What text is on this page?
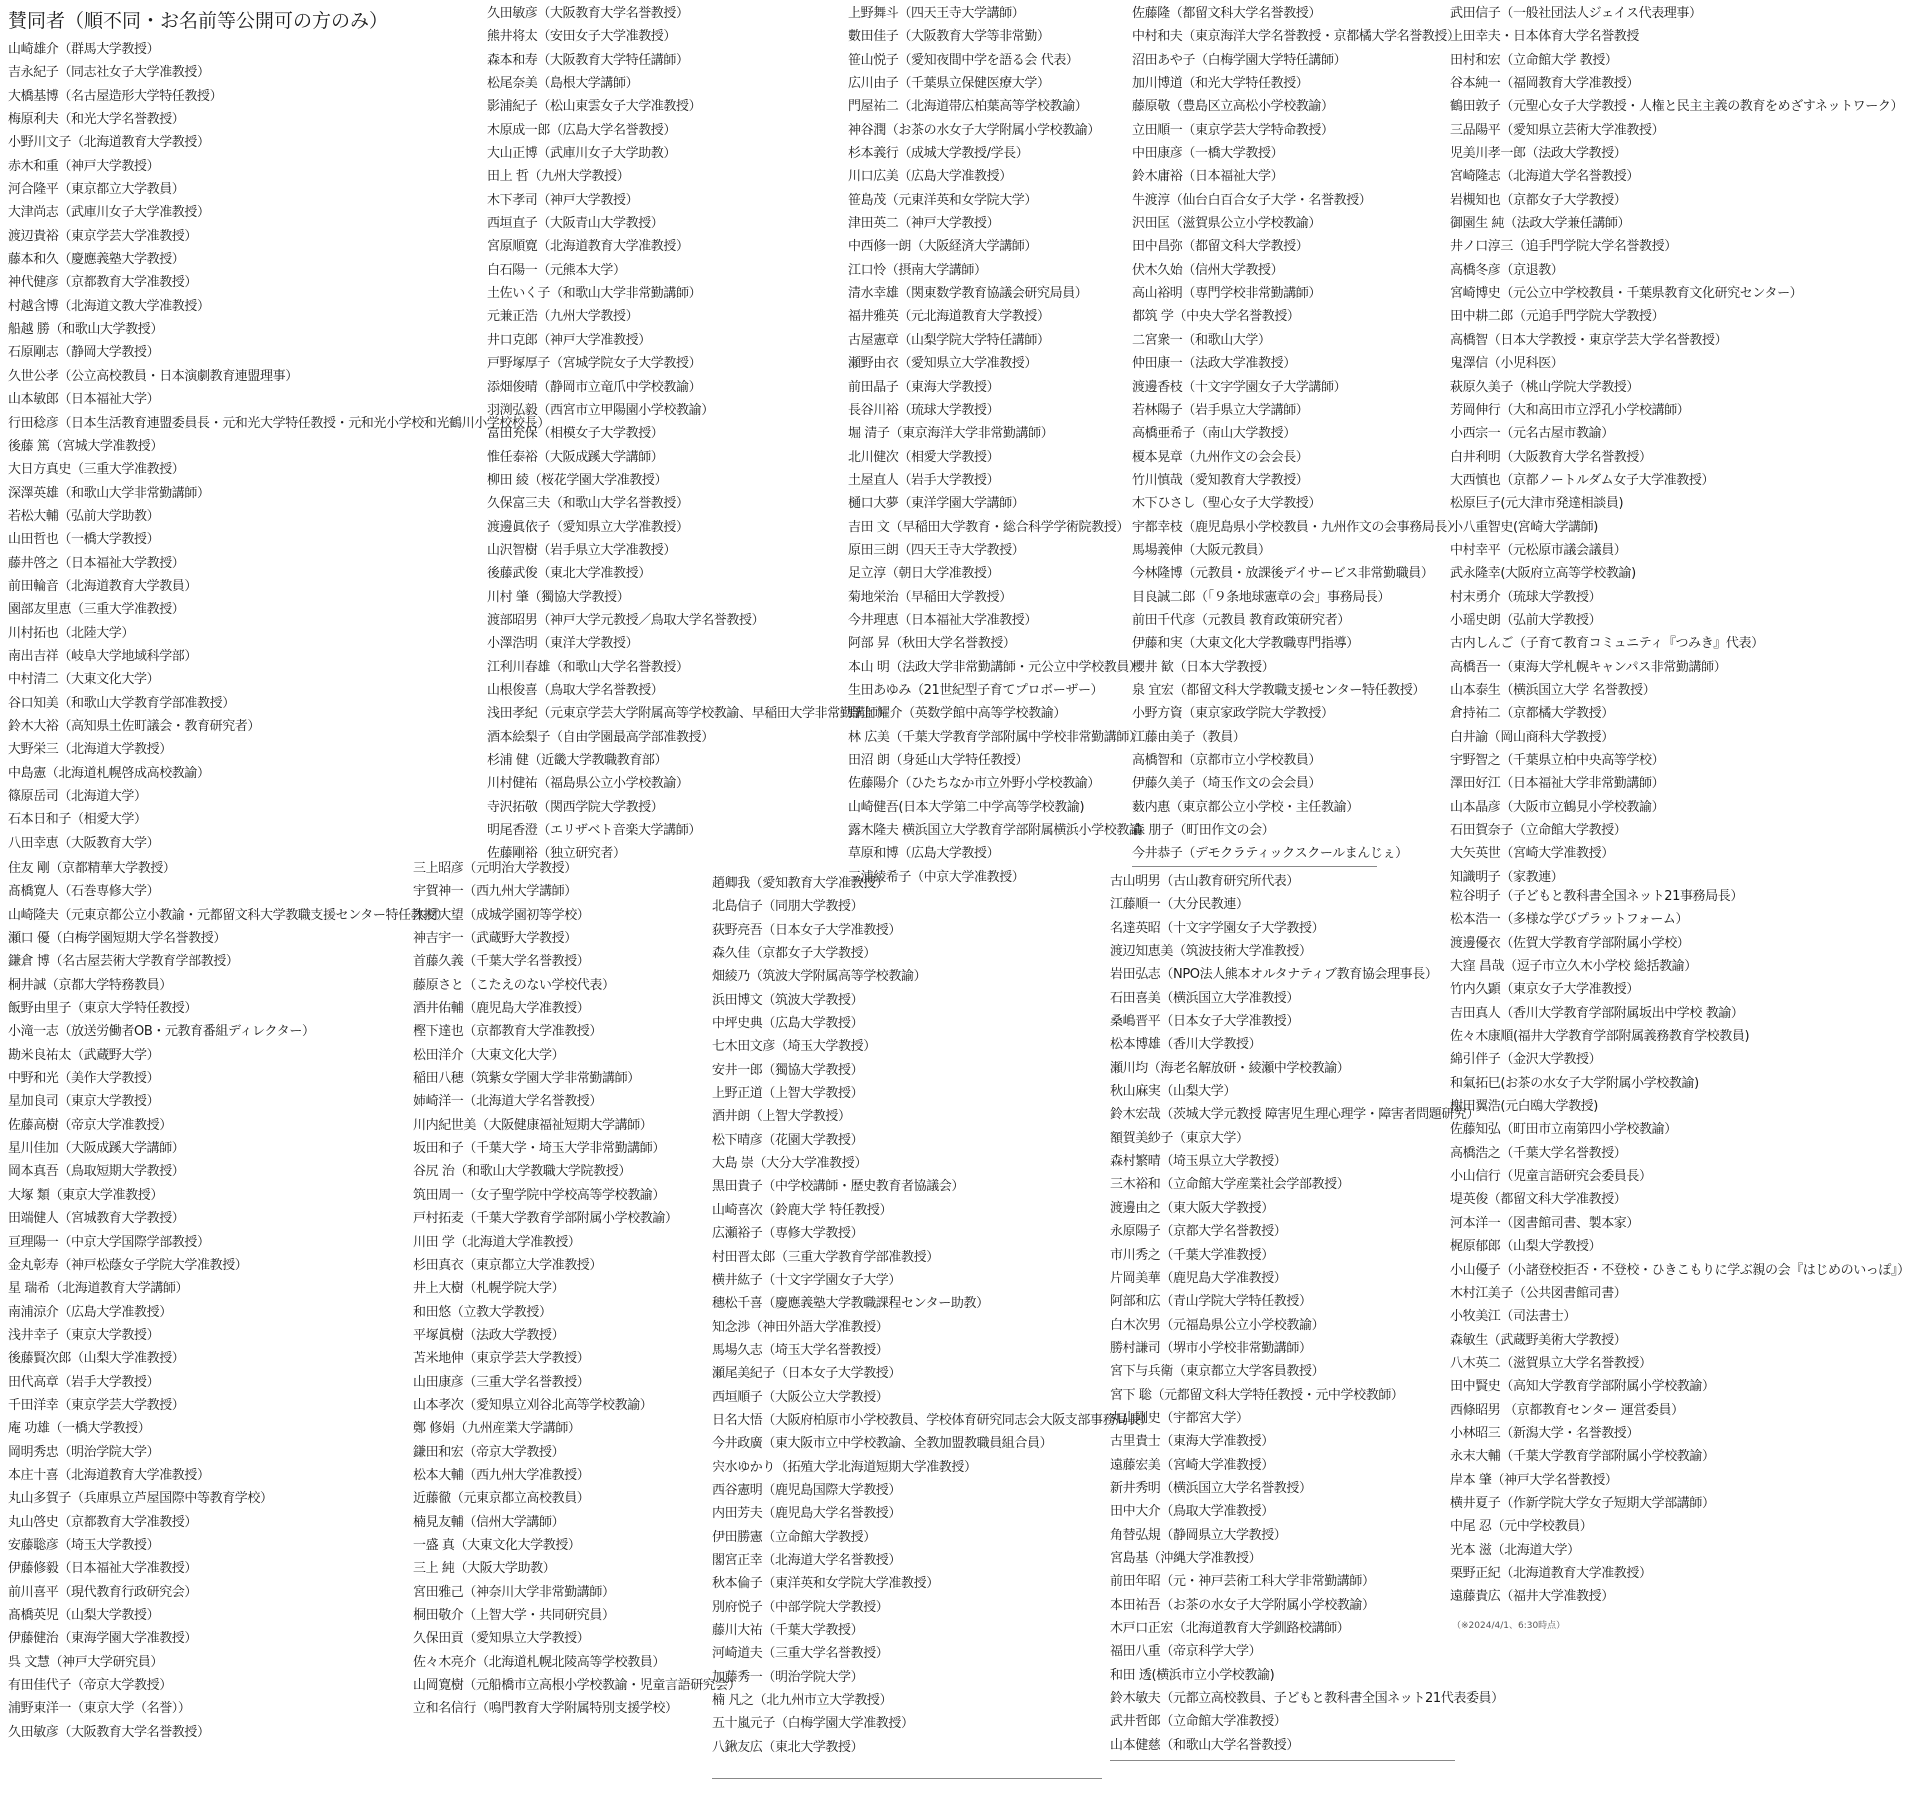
賛同者（順不同・お名前等公開可の方のみ）
山崎雄介（群馬大学教授）
吉永紀子（同志社女子大学准教授）
大橋基博（名古屋造形大学特任教授）
梅原利夫（和光大学名誉教授）
小野川文子（北海道教育大学教授）
赤木和重（神戸大学教授）
河合隆平（東京都立大学教員）
大津尚志（武庫川女子大学准教授）
渡辺貴裕（東京学芸大学准教授）
藤本和久（慶應義塾大学教授）
神代健彦（京都教育大学准教授）
村越含博（北海道文教大学准教授）
船越 勝（和歌山大学教授）
石原剛志（静岡大学教授）
久世公孝（公立高校教員・日本演劇教育連盟理事）
山本敏郎（日本福祉大学）
行田稔彦（日本生活教育連盟委員長・元和光大学特任教授・元和光小学校和光鶴川小学校校長）
後藤 篤（宮城大学准教授）
大日方真史（三重大学准教授）
深澤英雄（和歌山大学非常勤講師）
若松大輔（弘前大学助教）
山田哲也（一橋大学教授）
藤井啓之（日本福祉大学教授）
前田輪音（北海道教育大学教員）
園部友里恵（三重大学准教授）
川村拓也（北陸大学）
南出吉祥（岐阜大学地域科学部）
中村清二（大東文化大学）
谷口知美（和歌山大学教育学部准教授）
鈴木大裕（高知県土佐町議会・教育研究者）
大野栄三（北海道大学教授）
中島憲（北海道札幌啓成高校教諭）
篠原岳司（北海道大学）
石本日和子（相愛大学）
八田幸恵（大阪教育大学）
久田敏彦（大阪教育大学名誉教授）
熊井将太（安田女子大学准教授）
森本和寿（大阪教育大学特任講師）
松尾奈美（島根大学講師）
影浦紀子（松山東雲女子大学准教授）
木原成一郎（広島大学名誉教授）
大山正博（武庫川女子大学助教）
田上 哲（九州大学教授）
木下孝司（神戸大学教授）
西垣直子（大阪青山大学教授）
宮原順寛（北海道教育大学准教授）
白石陽一（元熊本大学）
土佐いく子（和歌山大学非常勤講師）
元兼正浩（九州大学教授）
井口克郎（神戸大学准教授）
戸野塚厚子（宮城学院女子大学教授）
添畑俊晴（静岡市立竜爪中学校教諭）
羽渕弘毅（西宮市立甲陽園小学校教諭）
富田充保（相模女子大学教授）
惟任泰裕（大阪成蹊大学講師）
柳田 綾（桜花学園大学准教授）
久保富三夫（和歌山大学名誉教授）
渡邊眞依子（愛知県立大学准教授）
山沢智樹（岩手県立大学准教授）
後藤武俊（東北大学准教授）
川村 肇（獨協大学教授）
渡部昭男（神戸大学元教授／鳥取大学名誉教授）
小澤浩明（東洋大学教授）
江利川春雄（和歌山大学名誉教授）
山根俊喜（鳥取大学名誉教授）
浅田孝紀（元東京学芸大学附属高等学校教諭、早稲田大学非常勤講師）
酒本絵梨子（自由学園最高学部准教授）
杉浦 健（近畿大学教職教育部）
川村健祐（福島県公立小学校教諭）
寺沢拓敬（関西学院大学教授）
明尾香澄（エリザベト音楽大学講師）
佐藤剛裕（独立研究者）
上野舞斗（四天王寺大学講師）
數田佳子（大阪教育大学等非常勤）
笹山悦子（愛知夜間中学を語る会 代表）
広川由子（千葉県立保健医療大学）
門屋祐二（北海道帯広柏葉高等学校教諭）
神谷潤（お茶の水女子大学附属小学校教諭）
杉本義行（成城大学教授/学長）
川口広美（広島大学准教授）
笹島茂（元東洋英和女学院大学）
津田英二（神戸大学教授）
中西修一朗（大阪経済大学講師）
江口怜（摂南大学講師）
清水幸雄（関東数学教育協議会研究局員）
福井雅英（元北海道教育大学教授）
古屋憲章（山梨学院大学特任講師）
瀬野由衣（愛知県立大学准教授）
前田晶子（東海大学教授）
長谷川裕（琉球大学教授）
堀 清子（東京海洋大学非常勤講師）
北川健次（相愛大学教授）
土屋直人（岩手大学教授）
樋口大夢（東洋学園大学講師）
吉田 文（早稲田大学教育・総合科学学術院教授）
原田三朗（四天王寺大学教授）
足立淳（朝日大学准教授）
菊地栄治（早稲田大学教授）
今井理恵（日本福祉大学准教授）
阿部 昇（秋田大学名誉教授）
本山 明（法政大学非常勤講師・元公立中学校教員）
生田あゆみ（21世紀型子育てプロボーザー）
野上 耀介（英数学館中高等学校教諭）
林 広美（千葉大学教育学部附属中学校非常勤講師）
田沼 朗（身延山大学特任教授）
佐藤陽介（ひたちなか市立外野小学校教諭）
山崎健吾(日本大学第二中学高等学校教諭)
露木隆夫 横浜国立大学教育学部附属横浜小学校教諭
草原和博（広島大学教授）
三浦綾希子（中京大学准教授）
佐藤隆（都留文科大学名誉教授）
中村和夫（東京海洋大学名誉教授・京都橘大学名誉教授）
沼田あや子（白梅学園大学特任講師）
加川博道（和光大学特任教授）
藤原敬（豊島区立高松小学校教諭）
立田順一（東京学芸大学特命教授）
中田康彦（一橋大学教授）
鈴木庸裕（日本福祉大学）
牛渡淳（仙台白百合女子大学・名誉教授）
沢田匡（滋賀県公立小学校教諭）
田中昌弥（都留文科大学教授）
伏木久始（信州大学教授）
高山裕明（専門学校非常勤講師）
都筑 学（中央大学名誉教授）
二宮衆一（和歌山大学）
仲田康一（法政大学准教授）
渡邊香枝（十文字学園女子大学講師）
若林陽子（岩手県立大学講師）
高橋亜希子（南山大学教授）
榎本晃章（九州作文の会会長）
竹川慎哉（愛知教育大学教授）
木下ひさし（聖心女子大学教授）
宇都幸枝（鹿児島県小学校教員・九州作文の会事務局長）
馬場義伸（大阪元教員）
今林隆博（元教員・放課後デイサービス非常勤職員）
目良誠二郎（「９条地球憲章の会」事務局長）
前田千代彦（元教員 教育政策研究者）
伊藤和実（大東文化大学教職専門指導）
櫻井 歓（日本大学教授）
泉 宜宏（都留文科大学教職支援センター特任教授）
小野方資（東京家政学院大学教授）
江藤由美子（教員）
高橋智和（京都市立小学校教員）
伊藤久美子（埼玉作文の会会員）
薮内惠（東京都公立小学校・主任教諭）
森 朋子（町田作文の会）
今井恭子（デモクラティックスクールまんじぇ）
武田信子（一般社団法人ジェイス代表理事）
上田幸夫・日本体育大学名誉教授
田村和宏（立命館大学 教授）
谷本純一（福岡教育大学准教授）
鶴田敦子（元聖心女子大学教授・人権と民主主義の教育をめざすネットワーク）
三品陽平（愛知県立芸術大学准教授）
児美川孝一郎（法政大学教授）
宮崎隆志（北海道大学名誉教授）
岩槻知也（京都女子大学教授）
御園生 純（法政大学兼任講師）
井ノ口淳三（追手門学院大学名誉教授）
高橋冬彦（京退教）
宮崎博史（元公立中学校教員・千葉県教育文化研究センター）
田中耕二郎（元追手門学院大学教授）
高橋智（日本大学教授・東京学芸大学名誉教授）
鬼澤信（小児科医）
萩原久美子（桃山学院大学教授）
芳岡伸行（大和高田市立浮孔小学校講師）
小西宗一（元名古屋市教諭）
白井利明（大阪教育大学名誉教授）
大西慎也（京都ノートルダム女子大学准教授）
松原巨子(元大津市発達相談員)
小八重智史(宮崎大学講師)
中村幸平（元松原市議会議員）
武永隆幸(大阪府立高等学校教諭)
村末勇介（琉球大学教授）
小瑶史朗（弘前大学教授）
古内しんご（子育て教育コミュニティ『つみき』代表）
高橋吾一（東海大学札幌キャンパス非常勤講師）
山本泰生（横浜国立大学 名誉教授）
倉持祐二（京都橘大学教授）
白井諭（岡山商科大学教授）
宇野智之（千葉県立柏中央高等学校）
澤田好江（日本福祉大学非常勤講師）
山本晶彦（大阪市立鶴見小学校教諭）
石田賀奈子（立命館大学教授）
大矢英世（宮崎大学准教授）
知識明子（家教連）
住友 剛（京都精華大学教授）
髙橋寛人（石巻専修大学）
山崎隆夫（元東京都公立小教諭・元都留文科大学教職支援センター特任教授）
瀬口 優（白梅学園短期大学名誉教授）
鎌倉 博（名古屋芸術大学教育学部教授）
桐井誠（京都大学特務教員）
飯野由里子（東京大学特任教授）
小滝一志（放送労働者OB・元教育番組ディレクター）
勘米良祐太（武蔵野大学）
中野和光（美作大学教授）
星加良司（東京大学教授）
佐藤高樹（帝京大学准教授）
星川佳加（大阪成蹊大学講師）
岡本真吾（鳥取短期大学教授）
大塚 類（東京大学准教授）
田端健人（宮城教育大学教授）
亘理陽一（中京大学国際学部教授）
金丸彰寿（神戸松蔭女子学院大学准教授）
星 瑞希（北海道教育大学講師）
南浦涼介（広島大学准教授）
浅井幸子（東京大学教授）
後藤賢次郎（山梨大学准教授）
田代高章（岩手大学教授）
千田洋幸（東京学芸大学教授）
庵 功雄（一橋大学教授）
岡明秀忠（明治学院大学）
本庄十喜（北海道教育大学准教授）
丸山多賀子（兵庫県立芦屋国際中等教育学校）
丸山啓史（京都教育大学准教授）
安藤聡彦（埼玉大学教授）
伊藤修毅（日本福祉大学准教授）
前川喜平（現代教育行政研究会）
髙橋英児（山梨大学教授）
伊藤健治（東海学園大学准教授）
呉 文慧（神戸大学研究員）
有田佳代子（帝京大学教授）
浦野東洋一（東京大学（名誉））
久田敏彦（大阪教育大学名誉教授）
三上昭彦（元明治大学教授）
宇賀神一（西九州大学講師）
木村大望（成城学園初等学校）
神吉宇一（武蔵野大学教授）
首藤久義（千葉大学名誉教授）
藤原さと（こたえのない学校代表）
酒井佑輔（鹿児島大学准教授）
樫下達也（京都教育大学准教授）
松田洋介（大東文化大学）
稲田八穂（筑紫女学園大学非常勤講師）
姉崎洋一（北海道大学名誉教授）
川内紀世美（大阪健康福祉短期大学講師）
坂田和子（千葉大学・埼玉大学非常勤講師）
谷尻 治（和歌山大学教職大学院教授）
筑田周一（女子聖学院中学校高等学校教諭）
戸村拓麦（千葉大学教育学部附属小学校教諭）
川田 学（北海道大学准教授）
杉田真衣（東京都立大学准教授）
井上大樹（札幌学院大学）
和田悠（立教大学教授）
平塚眞樹（法政大学教授）
苫米地伸（東京学芸大学教授）
山田康彦（三重大学名誉教授）
山本孝次（愛知県立刈谷北高等学校教諭）
鄭 修娟（九州産業大学講師）
鎌田和宏（帝京大学教授）
松本大輔（西九州大学准教授）
近藤徹（元東京都立高校教員）
楠見友輔（信州大学講師）
一盛 真（大東文化大学教授）
三上 純（大阪大学助教）
宮田雅己（神奈川大学非常勤講師）
桐田敬介（上智大学・共同研究員）
久保田貢（愛知県立大学教授）
佐々木亮介（北海道札幌北陵高等学校教員）
山岡寛樹（元船橋市立高根小学校教諭・児童言語研究会）
立和名信行（鳴門教育大学附属特別支援学校）
趙卿我（愛知教育大学准教授）
北島信子（同朋大学教授）
荻野亮吾（日本女子大学准教授）
森久佳（京都女子大学教授）
畑綾乃（筑波大学附属高等学校教諭）
浜田博文（筑波大学教授）
中坪史典（広島大学教授）
七木田文彦（埼玉大学教授）
安井一郎（獨協大学教授）
上野正道（上智大学教授）
酒井朗（上智大学教授）
松下晴彦（花園大学教授）
大島 崇（大分大学准教授）
黒田貴子（中学校講師・歴史教育者協議会）
山崎喜次（鈴鹿大学 特任教授）
広瀬裕子（専修大学教授）
村田晋太郎（三重大学教育学部准教授）
横井紘子（十文字学園女子大学）
穗松千喜（慶應義塾大学教職課程センター助教）
知念渉（神田外語大学准教授）
馬場久志（埼玉大学名誉教授）
瀬尾美紀子（日本女子大学教授）
西垣順子（大阪公立大学教授）
日名大悟（大阪府柏原市小学校教員、学校体育研究同志会大阪支部事務局長）
今井政廣（東大阪市立中学校教諭、全教加盟教職員組合員）
宍水ゆかり（拓殖大学北海道短期大学准教授）
西谷憲明（鹿児島国際大学教授）
内田芳夫（鹿児島大学名誉教授）
伊田勝憲（立命館大学教授）
閣宮正幸（北海道大学名誉教授）
秋本倫子（東洋英和女学院大学准教授）
別府悦子（中部学院大学教授）
藤川大祐（千葉大学教授）
河崎道夫（三重大学名誉教授）
加藤秀一（明治学院大学）
楠 凡之（北九州市立大学教授）
五十嵐元子（白梅学園大学准教授）
八鍬友広（東北大学教授）
古山明男（古山教育研究所代表）
江藤順一（大分民教連）
名達英昭（十文字学園女子大学教授）
渡辺知恵美（筑波技術大学准教授）
岩田弘志（NPO法人熊本オルタナティブ教育協会理事長）
石田喜美（横浜国立大学准教授）
桑嶋晋平（日本女子大学准教授）
松本博雄（香川大学教授）
瀬川均（海老名解放研・綾瀬中学校教諭）
秋山麻実（山梨大学）
鈴木宏哉（茨城大学元教授 障害児生理心理学・障害者問題研究）
額賀美紗子（東京大学）
森村繁晴（埼玉県立大学教授）
三木裕和（立命館大学産業社会学部教授）
渡邊由之（東大阪大学教授）
永原陽子（京都大学名誉教授）
市川秀之（千葉大学准教授）
片岡美華（鹿児島大学准教授）
阿部和広（青山学院大学特任教授）
白木次男（元福島県公立小学校教諭）
勝村謙司（堺市小学校非常勤講師）
宮下与兵衛（東京都立大学客員教授）
宮下 聡（元都留文科大学特任教授・元中学校教師）
丸山剛史（宇都宮大学）
古里貴士（東海大学准教授）
遠藤宏美（宮崎大学准教授）
新井秀明（横浜国立大学名誉教授）
田中大介（鳥取大学准教授）
角替弘規（静岡県立大学教授）
宮島基（沖縄大学准教授）
前田年昭（元・神戸芸術工科大学非常勤講師）
本田祐吾（お茶の水女子大学附属小学校教諭）
木戸口正宏（北海道教育大学釧路校講師）
福田八重（帝京科学大学）
和田 透(横浜市立小学校教諭)
鈴木敏夫（元都立高校教員、子どもと教科書全国ネット21代表委員）
武井哲郎（立命館大学准教授）
山本健慈（和歌山大学名誉教授）
粒谷明子（子どもと教科書全国ネット21事務局長）
松本浩一（多様な学びプラットフォーム）
渡邊優衣（佐賀大学教育学部附属小学校）
大窪 昌哉（逗子市立久木小学校 総括教諭）
竹内久顕（東京女子大学准教授）
吉田真人（香川大学教育学部附属坂出中学校 教諭）
佐々木康順(福井大学教育学部附属義務教育学校教員)
綿引伴子（金沢大学教授）
和氣拓巳(お茶の水女子大学附属小学校教諭)
榭田翼浩(元白鴎大学教授)
佐藤知弘（町田市立南第四小学校教諭）
高橋浩之（千葉大学名誉教授）
小山信行（児童言語研究会委員長）
堤英俊（都留文科大学准教授）
河本洋一（図書館司書、製本家）
梶原郁郎（山梨大学教授）
小山優子（小諸登校拒否・不登校・ひきこもりに学ぶ親の会『はじめのいっぽ』）
木村江美子（公共図書館司書）
小牧美江（司法書士）
森敏生（武蔵野美術大学教授）
八木英二（滋賀県立大学名誉教授）
田中賢史（高知大学教育学部附属小学校教諭）
西條昭男 （京都教育センター 運営委員）
小林昭三（新潟大学・名誉教授）
永末大輔（千葉大学教育学部附属小学校教諭）
岸本 肇（神戸大学名誉教授）
横井夏子（作新学院大学女子短期大学部講師）
中尾 忍（元中学校教員）
光本 滋（北海道大学）
栗野正紀（北海道教育大学准教授）
遠藤貴広（福井大学准教授）
（※2024/4/1、6:30時点）
